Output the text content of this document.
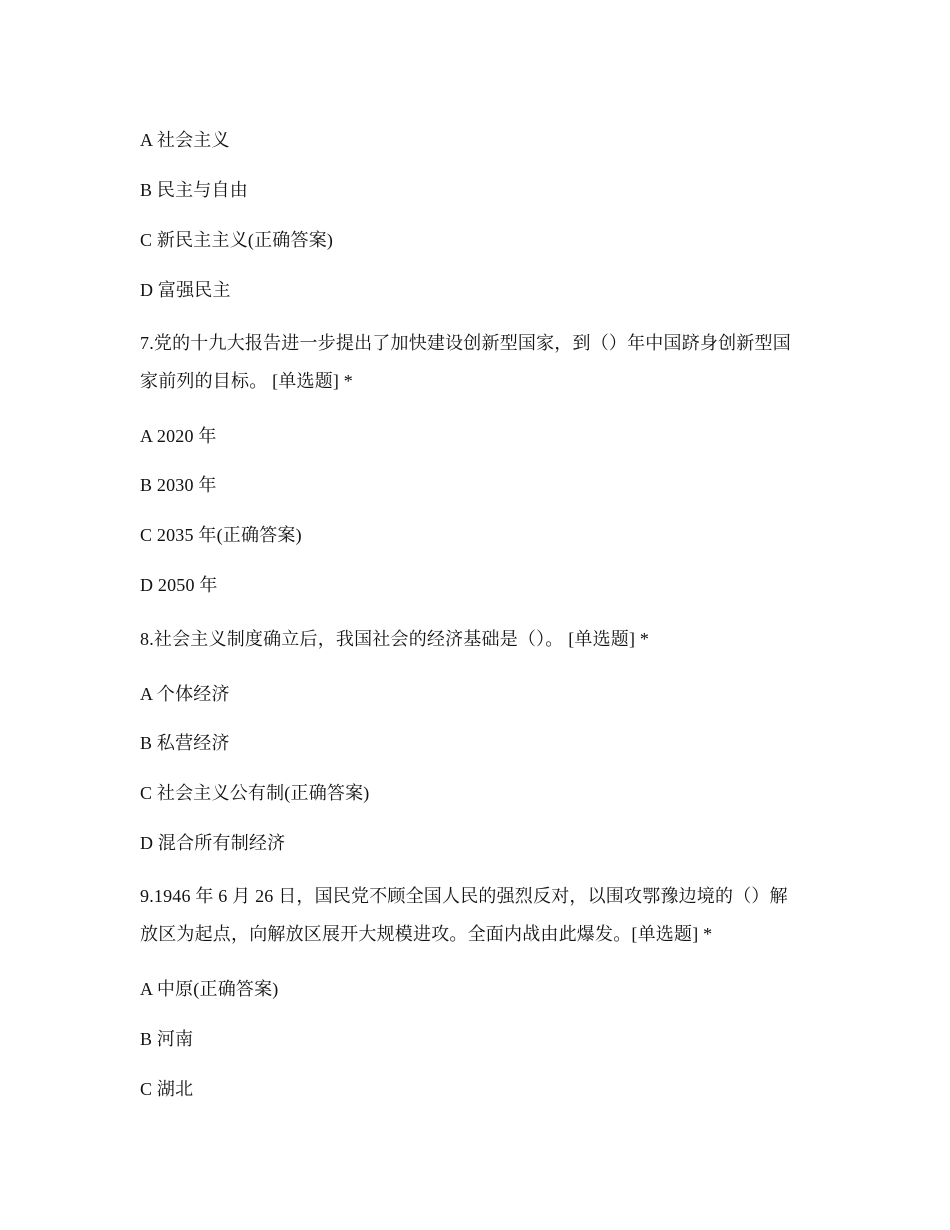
A 社会主义
B 民主与自由
C 新民主主义(正确答案)
D 富强民主
7.党的十九大报告进一步提出了加快建设创新型国家，到（）年中国跻身创新型国
家前列的目标。 [单选题] *
A 2020 年
B 2030 年
C 2035 年(正确答案)
D 2050 年
8.社会主义制度确立后，我国社会的经济基础是（）。 [单选题] *
A 个体经济
B 私营经济
C 社会主义公有制(正确答案)
D 混合所有制经济
9.1946 年 6 月 26 日，国民党不顾全国人民的强烈反对，以围攻鄂豫边境的（）解
放区为起点，向解放区展开大规模进攻。全面内战由此爆发。[单选题] *
A 中原(正确答案)
B 河南
C 湖北
